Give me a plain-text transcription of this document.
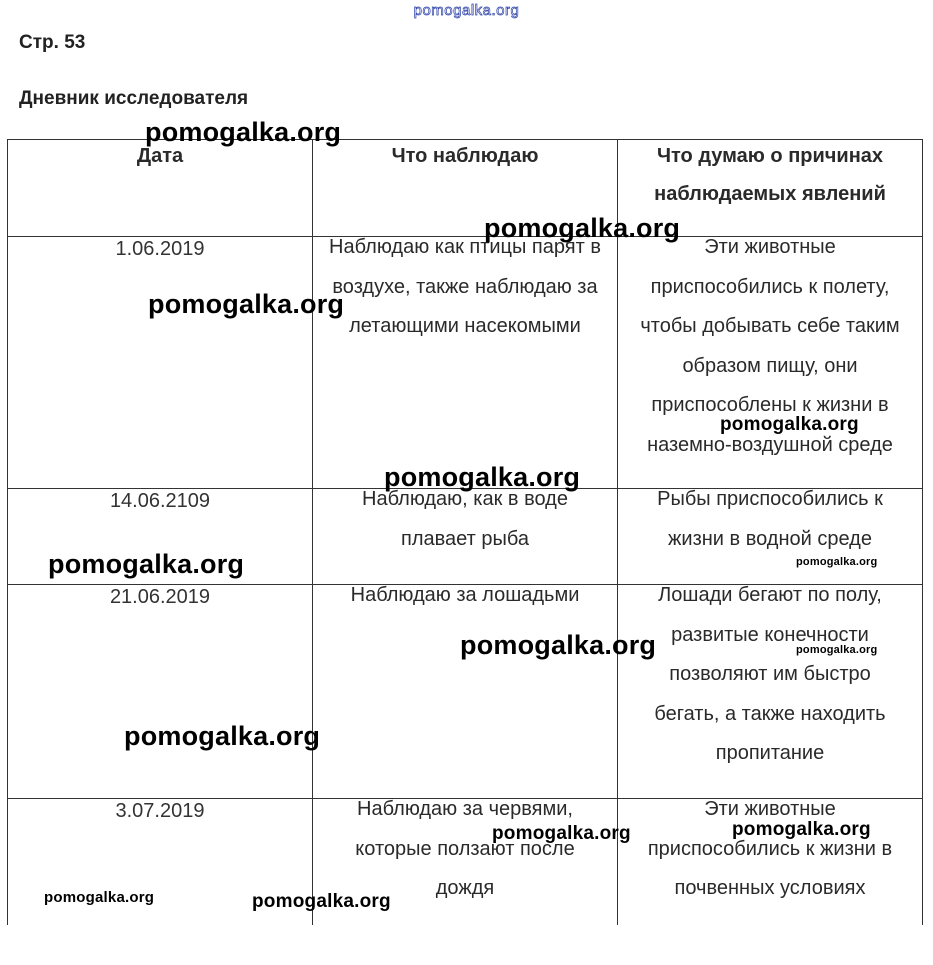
pomogalka.org
Стр. 53
Дневник исследователя
Дата	Что наблюдаю	Что думаю о причинах наблюдаемых явлений

1.06.2019	Наблюдаю как птицы парят в воздухе, также наблюдаю за летающими насекомыми	Эти животные приспособились к полету, чтобы добывать себе таким образом пищу, они приспособлены к жизни в наземно-воздушной среде

14.06.2109	Наблюдаю, как в воде плавает рыба	Рыбы приспособились к жизни в водной среде

21.06.2019	Наблюдаю за лошадьми	Лошади бегают по полу, развитые конечности позволяют им быстро бегать, а также находить пропитание

3.07.2019	Наблюдаю за червями, которые ползают после дождя	Эти животные приспособились к жизни в почвенных условиях
pomogalka.org
pomogalka.org
pomogalka.org
pomogalka.org
pomogalka.org
pomogalka.org	pomogalka.org
pomogalka.org	pomogalka.org
pomogalka.org
pomogalka.org	pomogalka.org
pomogalka.org	pomogalka.org
